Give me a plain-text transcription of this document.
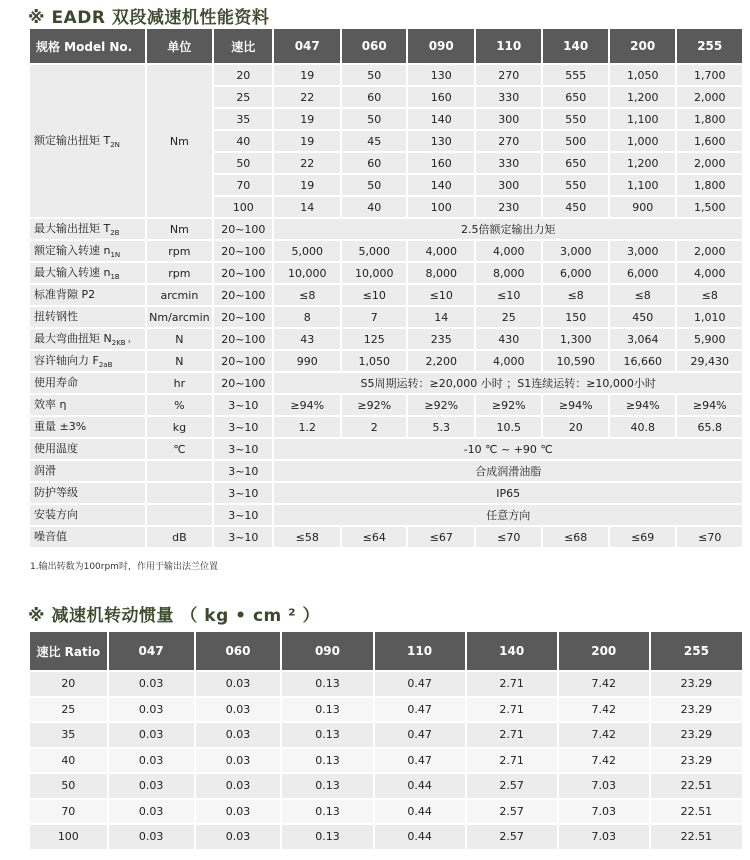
※ EADR 双段减速机性能资料
规格 Model No.	单位	速比	047	060	090	110	140	200	255
额定输出扭矩 $T_{2N}$	Nm	20	19	50	130	270	555	1,050	1,700
		25	22	60	160	330	650	1,200	2,000
		35	19	50	140	300	550	1,100	1,800
		40	19	45	130	270	500	1,000	1,600
		50	22	60	160	330	650	1,200	2,000
		70	19	50	140	300	550	1,100	1,800
		100	14	40	100	230	450	900	1,500
最大输出扭矩 $T_{2B}$	Nm	20~100	2.5倍额定输出力矩						
额定输入转速 $n_{1N}$	rpm	20~100	5,000	5,000	4,000	4,000	3,000	3,000	2,000
最大输入转速 $n_{1B}$	rpm	20~100	10,000	10,000	8,000	8,000	6,000	6,000	4,000
标准背隙 P2	arcmin	20~100	≤8	≤10	≤10	≤10	≤8	≤8	≤8
扭转钢性	Nm/arcmin	20~100	8	7	14	25	150	450	1,010
最大弯曲扭矩 $N_{2KB ^1}$	N	20~100	43	125	235	430	1,300	3,064	5,900
容许轴向力 $F_{2aB}$	N	20~100	990	1,050	2,200	4,000	10,590	16,660	29,430
使用寿命	hr	20~100	S5周期运转：≥20,000 小时 ；S1连续运转：≥10,000小时						
效率 η	%	3~10	≥94%	≥92%	≥92%	≥92%	≥94%	≥94%	≥94%
重量 ±3%	kg	3~10	1.2	2	5.3	10.5	20	40.8	65.8
使用温度	℃	3~10	-10 ℃ ~ +90 ℃						
润滑		3~10	合成润滑油脂						
防护等级		3~10	IP65						
安装方向		3~10	任意方向						
噪音值	dB	3~10	≤58	≤64	≤67	≤70	≤68	≤69	≤70
1.输出转数为100rpm时，作用于输出法兰位置
※ 减速机转动惯量 （ kg • cm ² ）
速比 Ratio	047	060	090	110	140	200	255
20	0.03	0.03	0.13	0.47	2.71	7.42	23.29
25	0.03	0.03	0.13	0.47	2.71	7.42	23.29
35	0.03	0.03	0.13	0.47	2.71	7.42	23.29
40	0.03	0.03	0.13	0.47	2.71	7.42	23.29
50	0.03	0.03	0.13	0.44	2.57	7.03	22.51
70	0.03	0.03	0.13	0.44	2.57	7.03	22.51
100	0.03	0.03	0.13	0.44	2.57	7.03	22.51
